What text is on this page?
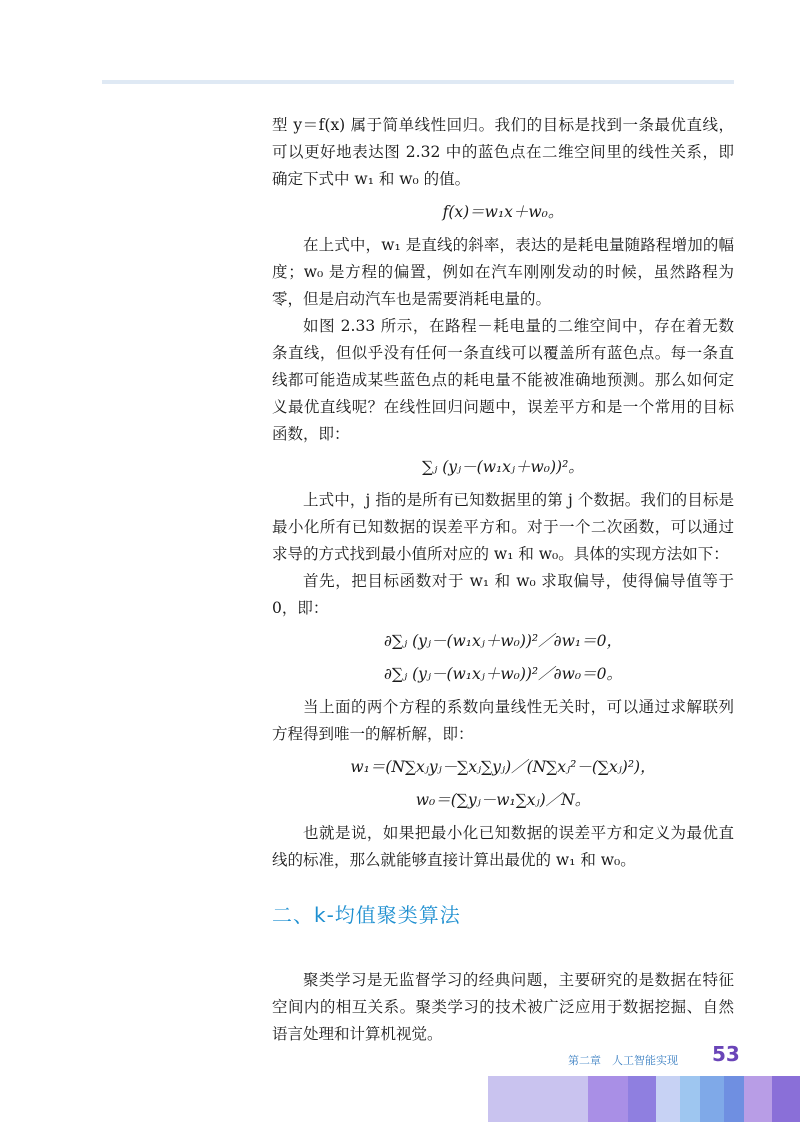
型 y＝f(x) 属于简单线性回归。我们的目标是找到一条最优直线，可以更好地表达图 2.32 中的蓝色点在二维空间里的线性关系，即确定下式中 w₁ 和 w₀ 的值。

f(x)＝w₁x＋w₀。

在上式中，w₁ 是直线的斜率，表达的是耗电量随路程增加的幅度；w₀ 是方程的偏置，例如在汽车刚刚发动的时候，虽然路程为零，但是启动汽车也是需要消耗电量的。

如图 2.33 所示，在路程－耗电量的二维空间中，存在着无数条直线，但似乎没有任何一条直线可以覆盖所有蓝色点。每一条直线都可能造成某些蓝色点的耗电量不能被准确地预测。那么如何定义最优直线呢？在线性回归问题中，误差平方和是一个常用的目标函数，即：

∑ⱼ (yⱼ－(w₁xⱼ＋w₀))²。

上式中，j 指的是所有已知数据里的第 j 个数据。我们的目标是最小化所有已知数据的误差平方和。对于一个二次函数，可以通过求导的方式找到最小值所对应的 w₁ 和 w₀。具体的实现方法如下：

首先，把目标函数对于 w₁ 和 w₀ 求取偏导，使得偏导值等于 0，即：

∂∑ⱼ (yⱼ－(w₁xⱼ＋w₀))²／∂w₁＝0，
∂∑ⱼ (yⱼ－(w₁xⱼ＋w₀))²／∂w₀＝0。

当上面的两个方程的系数向量线性无关时，可以通过求解联列方程得到唯一的解析解，即：

w₁＝(N∑xⱼyⱼ－∑xⱼ∑yⱼ)／(N∑xⱼ²－(∑xⱼ)²)，
w₀＝(∑yⱼ－w₁∑xⱼ)／N。

也就是说，如果把最小化已知数据的误差平方和定义为最优直线的标准，那么就能够直接计算出最优的 w₁ 和 w₀。

二、k-均值聚类算法

聚类学习是无监督学习的经典问题，主要研究的是数据在特征空间内的相互关系。聚类学习的技术被广泛应用于数据挖掘、自然语言处理和计算机视觉。

第二章　人工智能实现 53
